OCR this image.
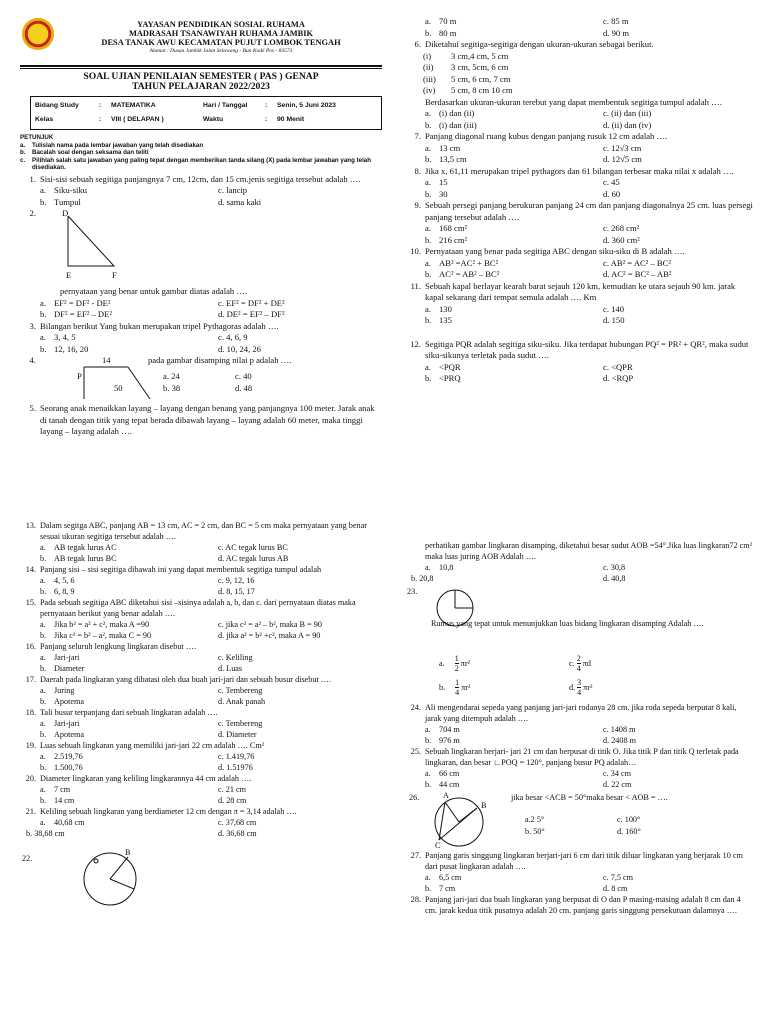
YAYASAN PENDIDIKAN SOSIAL RUHAMA
MADRASAH TSANAWIYAH RUHAMA JAMBIK
DESA TANAK AWU KECAMATAN PUJUT LOMBOK TENGAH
Alamat : Dusun Jambik Jalan Selawang - Bun Kodé Pos - 83573
SOAL UJIAN PENILAIAN SEMESTER ( PAS ) GENAP
TAHUN PELAJARAN 2022/2023
Bidang Study	:	MATEMATIKA	Hari / Tanggal	:	Senin, 5 Juni 2023
Kelas	:	VIII ( DELAPAN )	Waktu	:	90 Menit
PETUNJUK
a.	Tulislah nama pada lembar jawaban yang telah disediakan
b.	Bacalah soal dengan seksama dan teliti
c.	Pilihlah salah satu jawaban yang paling tepat dengan memberikan tanda silang (X) pada lembar jawaban yang telah disediakan.
1. Sisi-sisi sebuah segitiga panjangnya 7 cm, 12cm, dan 15 cm.jenis segitiga tersebut adalah ….
a. Siku-siku	c. lancip
b. Tumpul	d. sama kaki
2.	D
E	F
pernyataan yang benar untuk gambar diatas adalah ….
a. EF² = DF² - DE²	c. EF² = DF² + DE²
b. DF² = EF² – DE²	d. DE² = EF² – DF²
3. Bilangan berikut Yang bukan merupakan tripel Pythagoras adalah ….
a. 3, 4, 5	c. 4, 6, 9
b. 12, 16, 20	d. 10, 24, 26
4.	14	pada gambar disamping nilai p adalah ….
P
50
a. 24	c. 40
b. 38	d. 48
5. Seorang anak menaikkan layang – layang dengan benang yang panjangnya 100 meter. Jarak anak di tanah dengan titik yang tepat berada dibawah layang – layang adalah 60 meter, maka tinggi layang – layang adalah ….
a. 70 m	c. 85 m
b. 80 m	d. 90 m
6. Diketahui segitiga-segitiga dengan ukuran-ukuran sebagai berikut.
(i)	3 cm,4 cm, 5 cm
(ii)	3 cm, 5cm, 6 cm
(iii)	5 cm, 6 cm, 7 cm
(iv)	5 cm, 8 cm 10 cm
Berdasarkan ukuran-ukuran terebut yang dapat membentuk segitiga tumpul adalah ….
a. (i) dan (ii)	c. (ii) dan (iii)
b. (i) dan (iii)	d. (ii) dan (iv)
7. Panjang diagonal ruang kubus dengan panjang rusuk 12 cm adalah ….
a. 13 cm	c. 12√3 cm
b. 13,5 cm	d. 12√5 cm
8. Jika x, 61,11 merupakan tripel pythagors dan 61 bilangan terbesar maka nilai x adalah ….
a. 15	c. 45
b. 30	d. 60
9. Sebuah persegi panjang berukuran panjang 24 cm dan panjang diagonalnya 25 cm. luas persegi panjang tersebut adalah ….
a. 168 cm²	c. 268 cm²
b. 216 cm²	d. 360 cm²
10. Pernyataan yang benar pada segitiga ABC dengan siku-siku di B adalah ….
a. AB² =AC² + BC²	c. AB² = AC² – BC²
b. AC² = AB² – BC²	d. AC² = BC² – AB²
11. Sebuah kapal berlayar kearah barat sejauh 120 km, kemudian ke utara sejauh 90 km. jarak kapal sekarang dari tempat semula adalah …. Km
a. 130	c. 140
b. 135	d. 150
12. Segitiga PQR adalah segitiga siku-siku. Jika terdapat hubungan PQ² = PR² + QR², maka sudut siku-sikunya terletak pada sudut ….
a. <PQR	c. <QPR
b. <PRQ	d. <RQP
13. Dalam segitga ABC, panjang AB = 13 cm, AC = 2 cm, dan BC = 5 cm maka pernyataan yang benar sesuai ukuran segitiga tersebut adalah ….
a.	AB tegak lurus AC	c. AC tegak lurus BC
b. AB tegak lurus BC	d. AC tegak lurus AB
14. Panjang sisi – sisi segitiga dibawah ini yang dapat membentuk segitiga tumpul adalah
a.	4, 5, 6	c. 9, 12, 16
b. 6, 8, 9	d. 8, 15, 17
15. Pada sebuah segitiga ABC diketahui sisi –sisinya adalah a, b, dan c. dari pernyataan diatas maka pernyataan berikut yang benar adalah ….
a.	Jika b² = a² + c², maka A =90	c. jika c² = a² – b², maka B = 90
b. Jika c² = b² – a², maka C = 90	d. jika a² = b² +c², maka A = 90
16. Panjang seluruh lengkung lingkaran disebut ….
a.	Jari-jari	c. Keliling
b. Diameter	d. Luas
17. Daerah pada lingkaran yang dibatasi oleh dua buah jari-jari dan sebuah busur disebut ….
a.	Juring	c. Tembereng
b. Apotema	d. Anak panah
18. Tali busur terpanjang dari sebuah lingkaran adalah ….
a.	Jari-jari	c. Tembereng
b. Apotema	d. Diameter
19. Luas sebuah lingkaran yang memiliki jari-jari 22 cm adalah …. Cm²
a.	2.519,76	c. 1.419,76
b. 1.500,76	d. 1.51976
20. Diameter lingkaran yang keliling lingkarannya 44 cm adalah ….
a.	7 cm	c. 21 cm
b. 14 cm	d. 28 cm
21. Keliling sebuah lingkaran yang berdiameter 12 cm dengan π = 3,14 adalah ….
a.	40,68 cm	c. 37,68 cm
b. 38,68 cm	d. 36,68 cm
22.
B
perhatikan gambar lingkaran disamping, diketahui besar sudut AOB =54°.Jika luas lingkaran72 cm² maka luas juring AOB Adalah ….
a.	10,8	c. 30,8
b. 20,8	d. 40,8
23.
Rumus yang tepat untuk menunjukkan luas bidang lingkaran disamping Adalah ….
a. $\frac{1}{2} \pi r^2$	c. $\frac{2}{4}$ πd
b. $\frac{1}{4} \pi r^2$	d. $\frac{3}{4} \pi r^2$
24. Ali mengendarai sepeda yang panjang jari-jari rodanya 28 cm. jika roda sepeda berputar 8 kali, jarak yang ditempuh adalah ….
a.	704 m	c. 1408 m
b. 976 m	d. 2408 m
25. Sebuah lingkaran berjari- jari 21 cm dan berpusat di titik O. Jika titik P dan titik Q terletak pada lingkaran, dan besar ∟POQ = 120°, panjang busur PQ adalah…
a.	66 cm	c. 34 cm
b. 44 cm	d. 22 cm
26.	A
B
C
jika besar <ACB = 50°maka besar < AOB = ….
a.2 5°	c. 100°
b. 50°	d. 160°
27. Panjang garis singgung lingkaran berjari-jari 6 cm dari titik diluar lingkaran yang berjarak 10 cm dari pusat lingkaran adalah ….
a.	6,5 cm	c. 7,5 cm
b. 7 cm	d. 8 cm
28. Panjang jari-jari dua buah lingkaran yang berpusat di O dan P masing-masing adalah 8 cm dan 4 cm. jarak kedua titik pusatnya adalah 20 cm. panjang garis singgung persekutuan dalamnya ….
